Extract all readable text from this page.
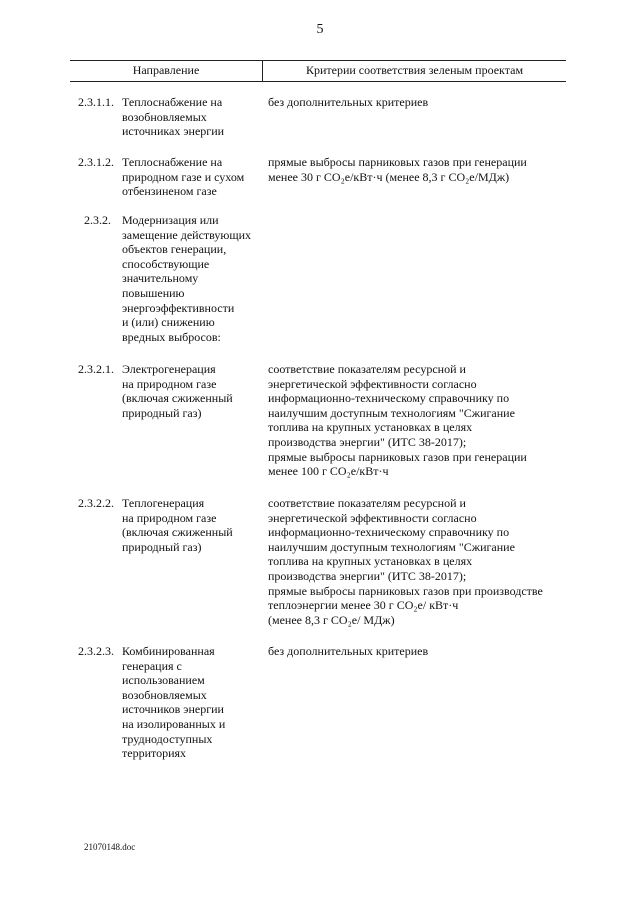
5
Направление	Критерии соответствия зеленым проектам
2.3.1.1. Теплоснабжение на
возобновляемых
источниках энергии
без дополнительных критериев
2.3.1.2. Теплоснабжение на
природном газе и сухом
отбензиненом газе
прямые выбросы парниковых газов при генерации
менее 30 г CO₂e/кВт·ч (менее 8,3 г CO₂e/МДж)
2.3.2. Модернизация или
замещение действующих
объектов генерации,
способствующие
значительному
повышению
энергоэффективности
и (или) снижению
вредных выбросов:
2.3.2.1. Электрогенерация
на природном газе
(включая сжиженный
природный газ)
соответствие показателям ресурсной и
энергетической эффективности согласно
информационно-техническому справочнику по
наилучшим доступным технологиям "Сжигание
топлива на крупных установках в целях
производства энергии" (ИТС 38-2017);
прямые выбросы парниковых газов при генерации
менее 100 г CO₂e/кВт·ч
2.3.2.2. Теплогенерация
на природном газе
(включая сжиженный
природный газ)
соответствие показателям ресурсной и
энергетической эффективности согласно
информационно-техническому справочнику по
наилучшим доступным технологиям "Сжигание
топлива на крупных установках в целях
производства энергии" (ИТС 38-2017);
прямые выбросы парниковых газов при производстве
теплоэнергии менее 30 г CO₂e/ кВт·ч
(менее 8,3 г CO₂e/ МДж)
2.3.2.3. Комбинированная
генерация с
использованием
возобновляемых
источников энергии
на изолированных и
труднодоступных
территориях
без дополнительных критериев
21070148.doc
